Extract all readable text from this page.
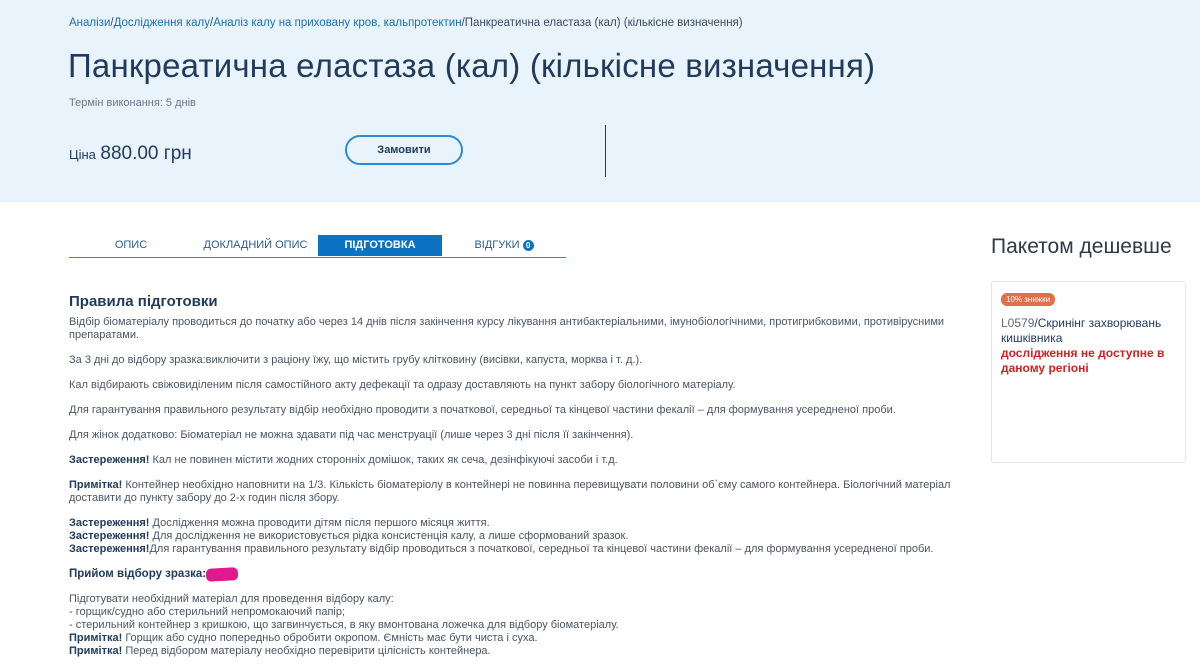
Аналізи/Дослідження калу/Аналіз калу на приховану кров, кальпротектин/Панкреатична еластаза (кал) (кількісне визначення)
Панкреатична еластаза (кал) (кількісне визначення)
Термін виконання: 5 днів
Ціна 880.00 грн	Замовити
ОПИС	ДОКЛАДНИЙ ОПИС	ПІДГОТОВКА	ВІДГУКИ 0
Правила підготовки

Відбір біоматеріалу проводиться до початку або через 14 днів після закінчення курсу лікування антибактеріальними, імунобіологічними, протигрибковими, противірусними препаратами.

За 3 дні до відбору зразка:виключити з раціону їжу, що містить грубу клітковину (висівки, капуста, морква і т. д.).

Кал відбирають свіжовиділеним після самостійного акту дефекації та одразу доставляють на пункт забору біологічного матеріалу.

Для гарантування правильного результату відбір необхідно проводити з початкової, середньої та кінцевої частини фекалії – для формування усередненої проби.

Для жінок додатково: Біоматеріал не можна здавати під час менструації (лише через 3 дні після її закінчення).

Застереження! Кал не повинен містити жодних сторонніх домішок, таких як сеча, дезінфікуючі засоби і т.д.

Примітка! Контейнер необхідно наповнити на 1/3. Кількість біоматеріолу в контейнері не повинна перевищувати половини об`єму самого контейнера. Біологічний матеріал доставити до пункту забору до 2-х годин після збору.

Застереження! Дослідження можна проводити дітям після першого місяця життя.

Застереження! Для дослідження не використовується рідка консистенція калу, а лише сформований зразок.

Застереження!Для гарантування правильного результату відбір проводиться з початкової, середньої та кінцевої частини фекалії – для формування усередненої проби.

Прийом відбору зразка: пн.-чт.

Підготувати необхідний матеріал для проведення відбору калу:

- горщик/судно або стерильний непромокаючий папір;

- стерильний контейнер з кришкою, що загвинчується, в яку вмонтована ложечка для відбору біоматеріалу.

Примітка! Горщик або судно попередньо обробити окропом. Ємність має бути чиста і суха.

Примітка! Перед відбором матеріалу необхідно перевірити цілісність контейнера.

Пакетом дешевше
10% знижки
L0579/Скринінг захворювань кишківника
дослідження не доступне в даному регіоні
